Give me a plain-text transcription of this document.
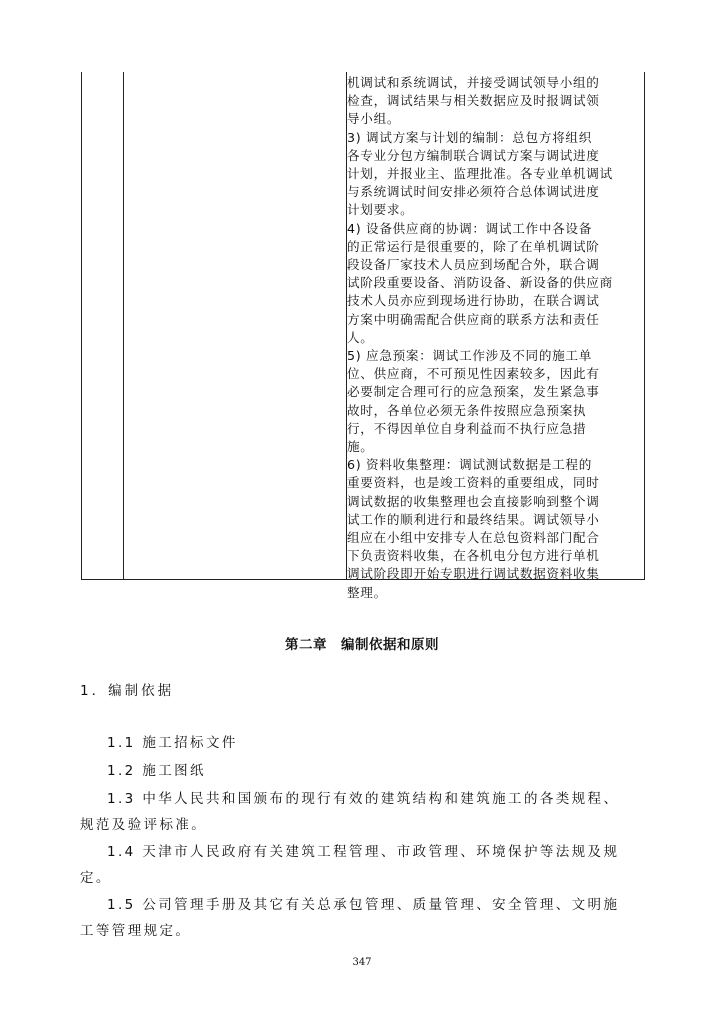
机调试和系统调试，并接受调试领导小组的

检查，调试结果与相关数据应及时报调试领

导小组。

3) 调试方案与计划的编制：总包方将组织

各专业分包方编制联合调试方案与调试进度

计划，并报业主、监理批准。各专业单机调试

与系统调试时间安排必须符合总体调试进度

计划要求。

4) 设备供应商的协调：调试工作中各设备

的正常运行是很重要的，除了在单机调试阶

段设备厂家技术人员应到场配合外，联合调

试阶段重要设备、消防设备、新设备的供应商

技术人员亦应到现场进行协助，在联合调试

方案中明确需配合供应商的联系方法和责任

人。

5) 应急预案：调试工作涉及不同的施工单

位、供应商，不可预见性因素较多，因此有

必要制定合理可行的应急预案，发生紧急事

故时，各单位必须无条件按照应急预案执

行，不得因单位自身利益而不执行应急措

施。

6) 资料收集整理：调试测试数据是工程的

重要资料，也是竣工资料的重要组成，同时

调试数据的收集整理也会直接影响到整个调

试工作的顺利进行和最终结果。调试领导小

组应在小组中安排专人在总包资料部门配合

下负责资料收集，在各机电分包方进行单机

调试阶段即开始专职进行调试数据资料收集

整理。

第二章　编制依据和原则
1．编制依据
1.1 施工招标文件
1.2 施工图纸
1.3 中华人民共和国颁布的现行有效的建筑结构和建筑施工的各类规程、
规范及验评标准。
1.4 天津市人民政府有关建筑工程管理、市政管理、环境保护等法规及规
定。
1.5 公司管理手册及其它有关总承包管理、质量管理、安全管理、文明施
工等管理规定。
347
